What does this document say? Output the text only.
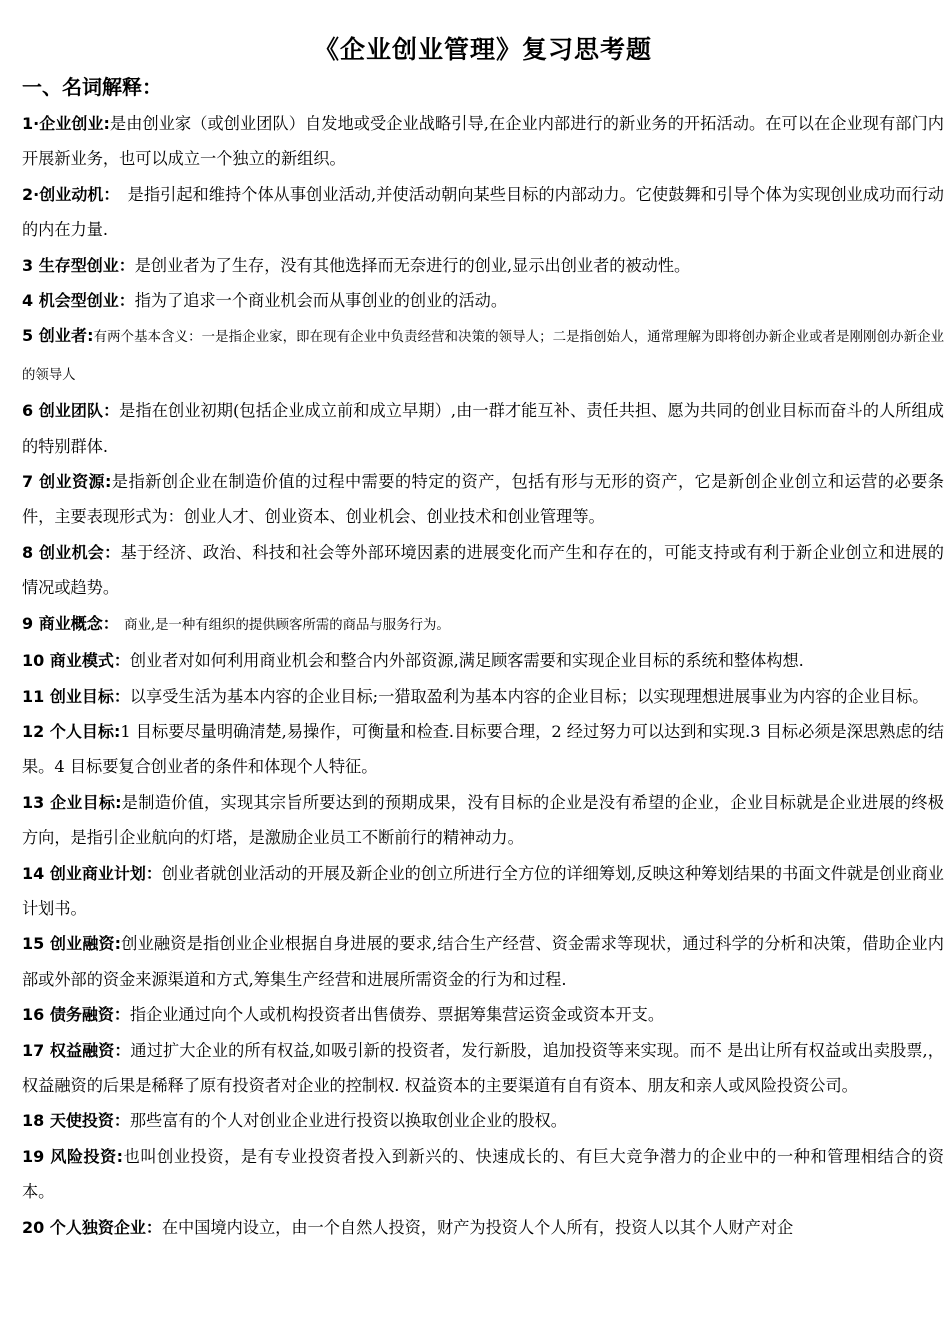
《企业创业管理》复习思考题
一、名词解释：
1·企业创业:是由创业家（或创业团队）自发地或受企业战略引导,在企业内部进行的新业务的开拓活动。在可以在企业现有部门内开展新业务，也可以成立一个独立的新组织。
2·创业动机：　是指引起和维持个体从事创业活动,并使活动朝向某些目标的内部动力。它使鼓舞和引导个体为实现创业成功而行动的内在力量.
3 生存型创业：是创业者为了生存，没有其他选择而无奈进行的创业,显示出创业者的被动性。
4 机会型创业：指为了追求一个商业机会而从事创业的创业的活动。
5 创业者:有两个基本含义：一是指企业家，即在现有企业中负责经营和决策的领导人；二是指创始人，通常理解为即将创办新企业或者是刚刚创办新企业的领导人
6 创业团队：是指在创业初期(包括企业成立前和成立早期）,由一群才能互补、责任共担、愿为共同的创业目标而奋斗的人所组成的特别群体.
7 创业资源:是指新创企业在制造价值的过程中需要的特定的资产，包括有形与无形的资产，它是新创企业创立和运营的必要条件，主要表现形式为：创业人才、创业资本、创业机会、创业技术和创业管理等。
8 创业机会：基于经济、政治、科技和社会等外部环境因素的进展变化而产生和存在的，可能支持或有利于新企业创立和进展的情况或趋势。
9 商业概念：　商业,是一种有组织的提供顾客所需的商品与服务行为。
10 商业模式：创业者对如何利用商业机会和整合内外部资源,满足顾客需要和实现企业目标的系统和整体构想.
11 创业目标：以享受生活为基本内容的企业目标;一猎取盈利为基本内容的企业目标；以实现理想进展事业为内容的企业目标。
12 个人目标:1 目标要尽量明确清楚,易操作，可衡量和检查.目标要合理，2 经过努力可以达到和实现.3 目标必须是深思熟虑的结果。4 目标要复合创业者的条件和体现个人特征。
13 企业目标:是制造价值，实现其宗旨所要达到的预期成果，没有目标的企业是没有希望的企业，企业目标就是企业进展的终极方向，是指引企业航向的灯塔，是激励企业员工不断前行的精神动力。
14 创业商业计划：创业者就创业活动的开展及新企业的创立所进行全方位的详细筹划,反映这种筹划结果的书面文件就是创业商业计划书。
15 创业融资:创业融资是指创业企业根据自身进展的要求,结合生产经营、资金需求等现状，通过科学的分析和决策，借助企业内部或外部的资金来源渠道和方式,筹集生产经营和进展所需资金的行为和过程.
16 债务融资：指企业通过向个人或机构投资者出售债券、票据筹集营运资金或资本开支。
17 权益融资：通过扩大企业的所有权益,如吸引新的投资者，发行新股，追加投资等来实现。而不 是出让所有权益或出卖股票,，权益融资的后果是稀释了原有投资者对企业的控制权. 权益资本的主要渠道有自有资本、朋友和亲人或风险投资公司。
18 天使投资：那些富有的个人对创业企业进行投资以换取创业企业的股权。
19 风险投资:也叫创业投资，是有专业投资者投入到新兴的、快速成长的、有巨大竞争潜力的企业中的一种和管理相结合的资本。
20 个人独资企业：在中国境内设立，由一个自然人投资，财产为投资人个人所有，投资人以其个人财产对企
